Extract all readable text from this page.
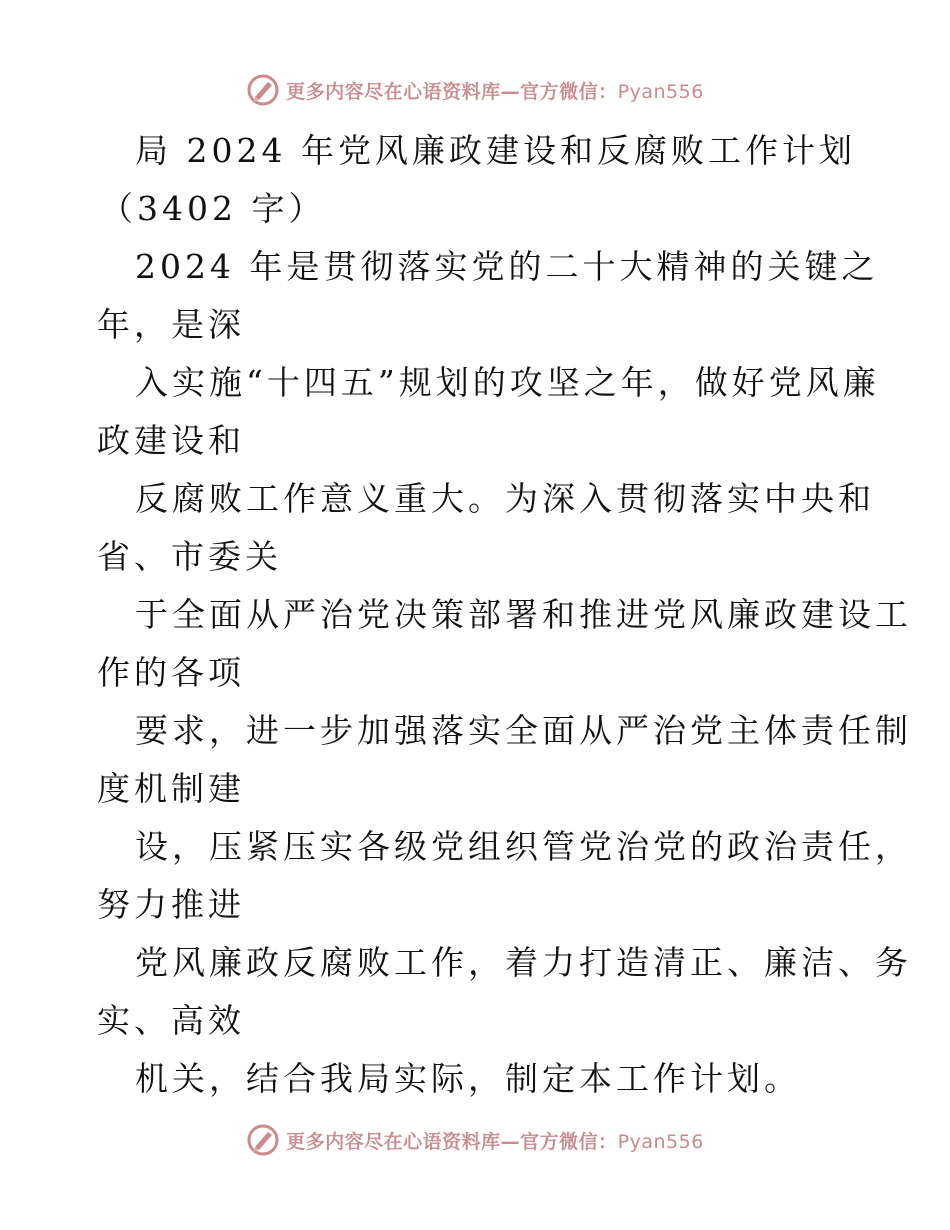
更多内容尽在心语资料库—官方微信：Pyan556
局 2024 年党风廉政建设和反腐败工作计划
（3402 字）
2024 年是贯彻落实党的二十大精神的关键之
年，是深
入实施“十四五”规划的攻坚之年，做好党风廉
政建设和
反腐败工作意义重大。为深入贯彻落实中央和
省、市委关
于全面从严治党决策部署和推进党风廉政建设工
作的各项
要求，进一步加强落实全面从严治党主体责任制
度机制建
设，压紧压实各级党组织管党治党的政治责任，
努力推进
党风廉政反腐败工作，着力打造清正、廉洁、务
实、高效
机关，结合我局实际，制定本工作计划。
更多内容尽在心语资料库—官方微信：Pyan556
